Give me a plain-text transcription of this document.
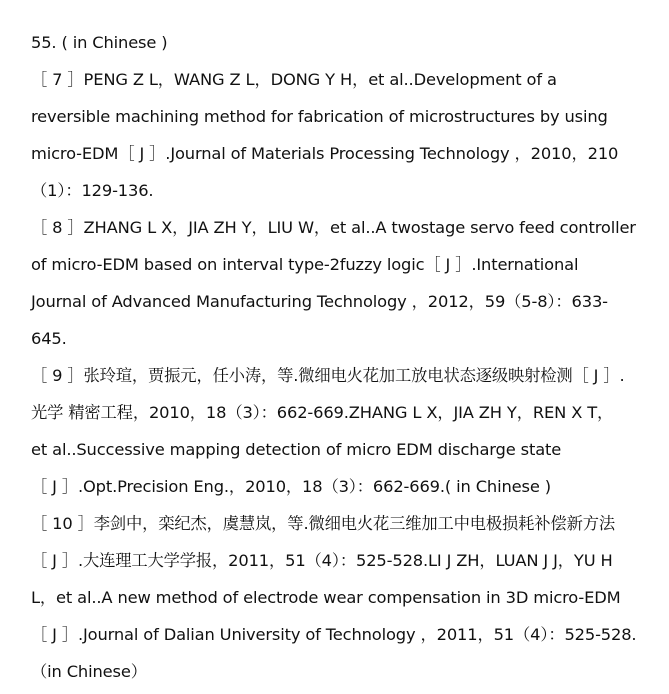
55. ( in Chinese )
［ 7 ］PENG Z L，WANG Z L，DONG Y H，et al..Development of a
reversible machining method for fabrication of microstructures by using
micro-EDM［ J ］.Journal of Materials Processing Technology ，2010，210
（1）：129-136.
［ 8 ］ZHANG L X，JIA ZH Y，LIU W，et al..A twostage servo feed controller
of micro-EDM based on interval type-2fuzzy logic［ J ］.International
Journal of Advanced Manufacturing Technology ，2012，59（5-8）：633-
645.
［ 9 ］张玲瑄，贾振元，任小涛，等.微细电火花加工放电状态逐级映射检测［ J ］.
光学 精密工程，2010，18（3）：662-669.ZHANG L X，JIA ZH Y，REN X T，
et al..Successive mapping detection of micro EDM discharge state
［ J ］.Opt.Precision Eng.，2010，18（3）：662-669.( in Chinese )
［ 10 ］李剑中，栾纪杰，虞慧岚，等.微细电火花三维加工中电极损耗补偿新方法
［ J ］.大连理工大学学报，2011，51（4）：525-528.LI J ZH，LUAN J J，YU H
L，et al..A new method of electrode wear compensation in 3D micro-EDM
［ J ］.Journal of Dalian University of Technology ，2011，51（4）：525-528.
（in Chinese）
